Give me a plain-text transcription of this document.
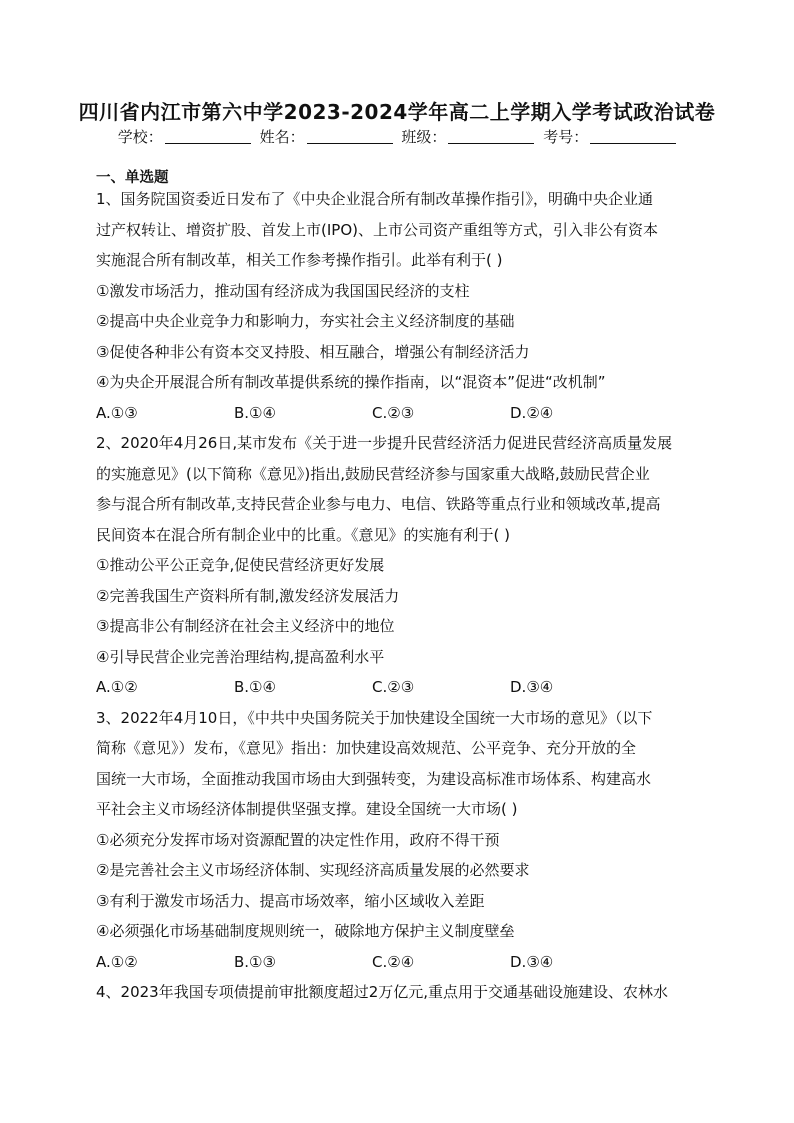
四川省内江市第六中学2023-2024学年高二上学期入学考试政治试卷
学校：	姓名：	班级：	考号：
一、单选题
1、国务院国资委近日发布了《中央企业混合所有制改革操作指引》，明确中央企业通
过产权转让、增资扩股、首发上市(IPO)、上市公司资产重组等方式，引入非公有资本
实施混合所有制改革，相关工作参考操作指引。此举有利于( )
①激发市场活力，推动国有经济成为我国国民经济的支柱
②提高中央企业竞争力和影响力，夯实社会主义经济制度的基础
③促使各种非公有资本交叉持股、相互融合，增强公有制经济活力
④为央企开展混合所有制改革提供系统的操作指南，以“混资本”促进“改机制”
A.①③	B.①④	C.②③	D.②④
2、2020年4月26日,某市发布《关于进一步提升民营经济活力促进民营经济高质量发展
的实施意见》(以下简称《意见》)指出,鼓励民营经济参与国家重大战略,鼓励民营企业
参与混合所有制改革,支持民营企业参与电力、电信、铁路等重点行业和领域改革,提高
民间资本在混合所有制企业中的比重。《意见》的实施有利于( )
①推动公平公正竞争,促使民营经济更好发展
②完善我国生产资料所有制,激发经济发展活力
③提高非公有制经济在社会主义经济中的地位
④引导民营企业完善治理结构,提高盈利水平
A.①②	B.①④	C.②③	D.③④
3、2022年4月10日，《中共中央国务院关于加快建设全国统一大市场的意见》（以下
简称《意见》）发布，《意见》指出：加快建设高效规范、公平竞争、充分开放的全
国统一大市场，全面推动我国市场由大到强转变，为建设高标准市场体系、构建高水
平社会主义市场经济体制提供坚强支撑。建设全国统一大市场( )
①必须充分发挥市场对资源配置的决定性作用，政府不得干预
②是完善社会主义市场经济体制、实现经济高质量发展的必然要求
③有利于激发市场活力、提高市场效率，缩小区域收入差距
④必须强化市场基础制度规则统一，破除地方保护主义制度壁垒
A.①②	B.①③	C.②④	D.③④
4、2023年我国专项债提前审批额度超过2万亿元,重点用于交通基础设施建设、农林水
